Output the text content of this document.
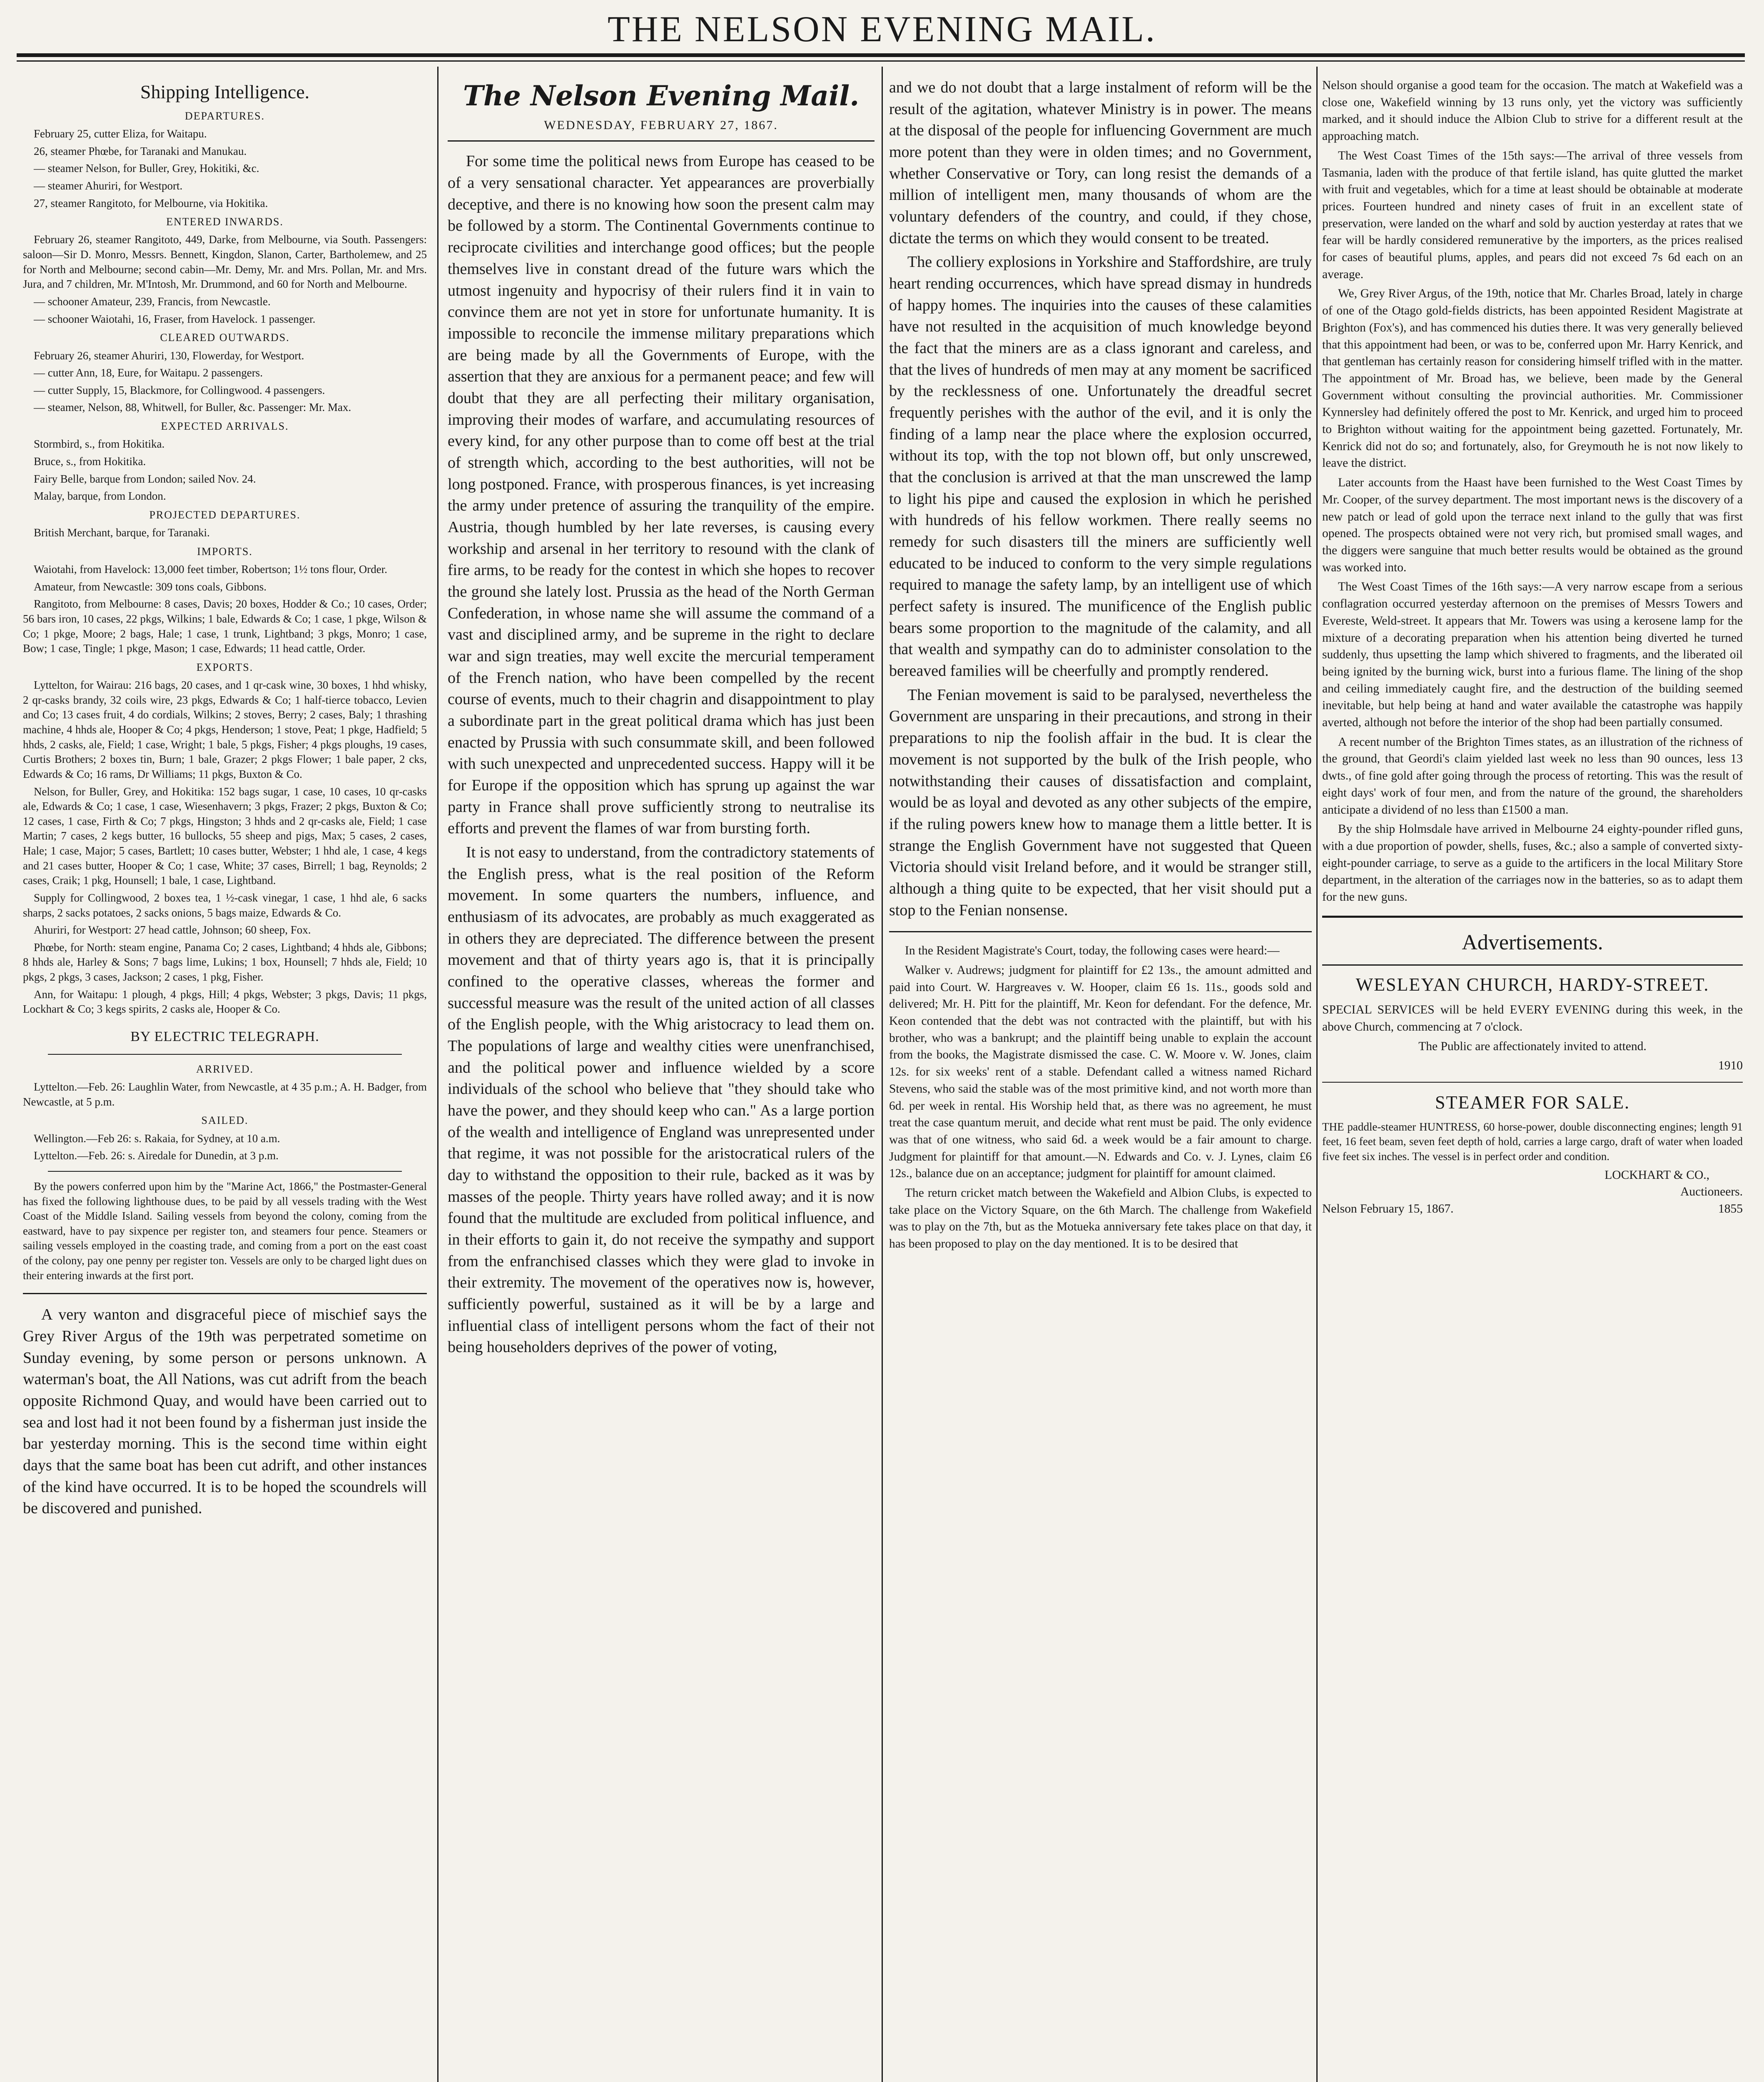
THE NELSON EVENING MAIL.
Shipping Intelligence.

DEPARTURES.

February 25, cutter Eliza, for Waitapu.

26, steamer Phœbe, for Taranaki and Manukau.

— steamer Nelson, for Buller, Grey, Hokitiki, &c.

— steamer Ahuriri, for Westport.

27, steamer Rangitoto, for Melbourne, via Hokitika.

ENTERED INWARDS.

February 26, steamer Rangitoto, 449, Darke, from Melbourne, via South. Passengers: saloon—Sir D. Monro, Messrs. Bennett, Kingdon, Slanon, Carter, Bartholemew, and 25 for North and Melbourne; second cabin—Mr. Demy, Mr. and Mrs. Pollan, Mr. and Mrs. Jura, and 7 children, Mr. M'Intosh, Mr. Drummond, and 60 for North and Melbourne.

— schooner Amateur, 239, Francis, from Newcastle.

— schooner Waiotahi, 16, Fraser, from Havelock. 1 passenger.

CLEARED OUTWARDS.

February 26, steamer Ahuriri, 130, Flowerday, for Westport.

— cutter Ann, 18, Eure, for Waitapu. 2 passengers.

— cutter Supply, 15, Blackmore, for Collingwood. 4 passengers.

— steamer, Nelson, 88, Whitwell, for Buller, &c. Passenger: Mr. Max.

EXPECTED ARRIVALS.

Stormbird, s., from Hokitika.

Bruce, s., from Hokitika.

Fairy Belle, barque from London; sailed Nov. 24.

Malay, barque, from London.

PROJECTED DEPARTURES.

British Merchant, barque, for Taranaki.

IMPORTS.

Waiotahi, from Havelock: 13,000 feet timber, Robertson; 1½ tons flour, Order.

Amateur, from Newcastle: 309 tons coals, Gibbons.

Rangitoto, from Melbourne: 8 cases, Davis; 20 boxes, Hodder & Co.; 10 cases, Order; 56 bars iron, 10 cases, 22 pkgs, Wilkins; 1 bale, Edwards & Co; 1 case, 1 pkge, Wilson & Co; 1 pkge, Moore; 2 bags, Hale; 1 case, 1 trunk, Lightband; 3 pkgs, Monro; 1 case, Bow; 1 case, Tingle; 1 pkge, Mason; 1 case, Edwards; 11 head cattle, Order.

EXPORTS.

Lyttelton, for Wairau: 216 bags, 20 cases, and 1 qr-cask wine, 30 boxes, 1 hhd whisky, 2 qr-casks brandy, 32 coils wire, 23 pkgs, Edwards & Co; 1 half-tierce tobacco, Levien and Co; 13 cases fruit, 4 do cordials, Wilkins; 2 stoves, Berry; 2 cases, Baly; 1 thrashing machine, 4 hhds ale, Hooper & Co; 4 pkgs, Henderson; 1 stove, Peat; 1 pkge, Hadfield; 5 hhds, 2 casks, ale, Field; 1 case, Wright; 1 bale, 5 pkgs, Fisher; 4 pkgs ploughs, 19 cases, Curtis Brothers; 2 boxes tin, Burn; 1 bale, Grazer; 2 pkgs Flower; 1 bale paper, 2 cks, Edwards & Co; 16 rams, Dr Williams; 11 pkgs, Buxton & Co.

Nelson, for Buller, Grey, and Hokitika: 152 bags sugar, 1 case, 10 cases, 10 qr-casks ale, Edwards & Co; 1 case, 1 case, Wiesenhavern; 3 pkgs, Frazer; 2 pkgs, Buxton & Co; 12 cases, 1 case, Firth & Co; 7 pkgs, Hingston; 3 hhds and 2 qr-casks ale, Field; 1 case Martin; 7 cases, 2 kegs butter, 16 bullocks, 55 sheep and pigs, Max; 5 cases, 2 cases, Hale; 1 case, Major; 5 cases, Bartlett; 10 cases butter, Webster; 1 hhd ale, 1 case, 4 kegs and 21 cases butter, Hooper & Co; 1 case, White; 37 cases, Birrell; 1 bag, Reynolds; 2 cases, Craik; 1 pkg, Hounsell; 1 bale, 1 case, Lightband.

Supply for Collingwood, 2 boxes tea, 1 ½-cask vinegar, 1 case, 1 hhd ale, 6 sacks sharps, 2 sacks potatoes, 2 sacks onions, 5 bags maize, Edwards & Co.

Ahuriri, for Westport: 27 head cattle, Johnson; 60 sheep, Fox.

Phœbe, for North: steam engine, Panama Co; 2 cases, Lightband; 4 hhds ale, Gibbons; 8 hhds ale, Harley & Sons; 7 bags lime, Lukins; 1 box, Hounsell; 7 hhds ale, Field; 10 pkgs, 2 pkgs, 3 cases, Jackson; 2 cases, 1 pkg, Fisher.

Ann, for Waitapu: 1 plough, 4 pkgs, Hill; 4 pkgs, Webster; 3 pkgs, Davis; 11 pkgs, Lockhart & Co; 3 kegs spirits, 2 casks ale, Hooper & Co.

BY ELECTRIC TELEGRAPH.

ARRIVED.

Lyttelton.—Feb. 26: Laughlin Water, from Newcastle, at 4 35 p.m.; A. H. Badger, from Newcastle, at 5 p.m.

SAILED.

Wellington.—Feb 26: s. Rakaia, for Sydney, at 10 a.m.

Lyttelton.—Feb. 26: s. Airedale for Dunedin, at 3 p.m.

By the powers conferred upon him by the "Marine Act, 1866," the Postmaster-General has fixed the following lighthouse dues, to be paid by all vessels trading with the West Coast of the Middle Island. Sailing vessels from beyond the colony, coming from the eastward, have to pay sixpence per register ton, and steamers four pence. Steamers or sailing vessels employed in the coasting trade, and coming from a port on the east coast of the colony, pay one penny per register ton. Vessels are only to be charged light dues on their entering inwards at the first port.

A very wanton and disgraceful piece of mischief says the Grey River Argus of the 19th was perpetrated sometime on Sunday evening, by some person or persons unknown. A waterman's boat, the All Nations, was cut adrift from the beach opposite Richmond Quay, and would have been carried out to sea and lost had it not been found by a fisherman just inside the bar yesterday morning. This is the second time within eight days that the same boat has been cut adrift, and other instances of the kind have occurred. It is to be hoped the scoundrels will be discovered and punished.

The Nelson Evening Mail.
WEDNESDAY, FEBRUARY 27, 1867.

For some time the political news from Europe has ceased to be of a very sensational character. Yet appearances are proverbially deceptive, and there is no knowing how soon the present calm may be followed by a storm. The Continental Governments continue to reciprocate civilities and interchange good offices; but the people themselves live in constant dread of the future wars which the utmost ingenuity and hypocrisy of their rulers find it in vain to convince them are not yet in store for unfortunate humanity. It is impossible to reconcile the immense military preparations which are being made by all the Governments of Europe, with the assertion that they are anxious for a permanent peace; and few will doubt that they are all perfecting their military organisation, improving their modes of warfare, and accumulating resources of every kind, for any other purpose than to come off best at the trial of strength which, according to the best authorities, will not be long postponed. France, with prosperous finances, is yet increasing the army under pretence of assuring the tranquility of the empire. Austria, though humbled by her late reverses, is causing every workship and arsenal in her territory to resound with the clank of fire arms, to be ready for the contest in which she hopes to recover the ground she lately lost. Prussia as the head of the North German Confederation, in whose name she will assume the command of a vast and disciplined army, and be supreme in the right to declare war and sign treaties, may well excite the mercurial temperament of the French nation, who have been compelled by the recent course of events, much to their chagrin and disappointment to play a subordinate part in the great political drama which has just been enacted by Prussia with such consummate skill, and been followed with such unexpected and unprecedented success. Happy will it be for Europe if the opposition which has sprung up against the war party in France shall prove sufficiently strong to neutralise its efforts and prevent the flames of war from bursting forth.

It is not easy to understand, from the contradictory statements of the English press, what is the real position of the Reform movement. In some quarters the numbers, influence, and enthusiasm of its advocates, are probably as much exaggerated as in others they are depreciated. The difference between the present movement and that of thirty years ago is, that it is principally confined to the operative classes, whereas the former and successful measure was the result of the united action of all classes of the English people, with the Whig aristocracy to lead them on. The populations of large and wealthy cities were unenfranchised, and the political power and influence wielded by a score individuals of the school who believe that "they should take who have the power, and they should keep who can." As a large portion of the wealth and intelligence of England was unrepresented under that regime, it was not possible for the aristocratical rulers of the day to withstand the opposition to their rule, backed as it was by masses of the people. Thirty years have rolled away; and it is now found that the multitude are excluded from political influence, and in their efforts to gain it, do not receive the sympathy and support from the enfranchised classes which they were glad to invoke in their extremity. The movement of the operatives now is, however, sufficiently powerful, sustained as it will be by a large and influential class of intelligent persons whom the fact of their not being householders deprives of the power of voting,

and we do not doubt that a large instalment of reform will be the result of the agitation, whatever Ministry is in power. The means at the disposal of the people for influencing Government are much more potent than they were in olden times; and no Government, whether Conservative or Tory, can long resist the demands of a million of intelligent men, many thousands of whom are the voluntary defenders of the country, and could, if they chose, dictate the terms on which they would consent to be treated.

The colliery explosions in Yorkshire and Staffordshire, are truly heart rending occurrences, which have spread dismay in hundreds of happy homes. The inquiries into the causes of these calamities have not resulted in the acquisition of much knowledge beyond the fact that the miners are as a class ignorant and careless, and that the lives of hundreds of men may at any moment be sacrificed by the recklessness of one. Unfortunately the dreadful secret frequently perishes with the author of the evil, and it is only the finding of a lamp near the place where the explosion occurred, without its top, with the top not blown off, but only unscrewed, that the conclusion is arrived at that the man unscrewed the lamp to light his pipe and caused the explosion in which he perished with hundreds of his fellow workmen. There really seems no remedy for such disasters till the miners are sufficiently well educated to be induced to conform to the very simple regulations required to manage the safety lamp, by an intelligent use of which perfect safety is insured. The munificence of the English public bears some proportion to the magnitude of the calamity, and all that wealth and sympathy can do to administer consolation to the bereaved families will be cheerfully and promptly rendered.

The Fenian movement is said to be paralysed, nevertheless the Government are unsparing in their precautions, and strong in their preparations to nip the foolish affair in the bud. It is clear the movement is not supported by the bulk of the Irish people, who notwithstanding their causes of dissatisfaction and complaint, would be as loyal and devoted as any other subjects of the empire, if the ruling powers knew how to manage them a little better. It is strange the English Government have not suggested that Queen Victoria should visit Ireland before, and it would be stranger still, although a thing quite to be expected, that her visit should put a stop to the Fenian nonsense.

In the Resident Magistrate's Court, today, the following cases were heard:—

Walker v. Audrews; judgment for plaintiff for £2 13s., the amount admitted and paid into Court. W. Hargreaves v. W. Hooper, claim £6 1s. 11s., goods sold and delivered; Mr. H. Pitt for the plaintiff, Mr. Keon for defendant. For the defence, Mr. Keon contended that the debt was not contracted with the plaintiff, but with his brother, who was a bankrupt; and the plaintiff being unable to explain the account from the books, the Magistrate dismissed the case. C. W. Moore v. W. Jones, claim 12s. for six weeks' rent of a stable. Defendant called a witness named Richard Stevens, who said the stable was of the most primitive kind, and not worth more than 6d. per week in rental. His Worship held that, as there was no agreement, he must treat the case quantum meruit, and decide what rent must be paid. The only evidence was that of one witness, who said 6d. a week would be a fair amount to charge. Judgment for plaintiff for that amount.—N. Edwards and Co. v. J. Lynes, claim £6 12s., balance due on an acceptance; judgment for plaintiff for amount claimed.

The return cricket match between the Wakefield and Albion Clubs, is expected to take place on the Victory Square, on the 6th March. The challenge from Wakefield was to play on the 7th, but as the Motueka anniversary fete takes place on that day, it has been proposed to play on the day mentioned. It is to be desired that

Nelson should organise a good team for the occasion. The match at Wakefield was a close one, Wakefield winning by 13 runs only, yet the victory was sufficiently marked, and it should induce the Albion Club to strive for a different result at the approaching match.

The West Coast Times of the 15th says:—The arrival of three vessels from Tasmania, laden with the produce of that fertile island, has quite glutted the market with fruit and vegetables, which for a time at least should be obtainable at moderate prices. Fourteen hundred and ninety cases of fruit in an excellent state of preservation, were landed on the wharf and sold by auction yesterday at rates that we fear will be hardly considered remunerative by the importers, as the prices realised for cases of beautiful plums, apples, and pears did not exceed 7s 6d each on an average.

We, Grey River Argus, of the 19th, notice that Mr. Charles Broad, lately in charge of one of the Otago gold-fields districts, has been appointed Resident Magistrate at Brighton (Fox's), and has commenced his duties there. It was very generally believed that this appointment had been, or was to be, conferred upon Mr. Harry Kenrick, and that gentleman has certainly reason for considering himself trifled with in the matter. The appointment of Mr. Broad has, we believe, been made by the General Government without consulting the provincial authorities. Mr. Commissioner Kynnersley had definitely offered the post to Mr. Kenrick, and urged him to proceed to Brighton without waiting for the appointment being gazetted. Fortunately, Mr. Kenrick did not do so; and fortunately, also, for Greymouth he is not now likely to leave the district.

Later accounts from the Haast have been furnished to the West Coast Times by Mr. Cooper, of the survey department. The most important news is the discovery of a new patch or lead of gold upon the terrace next inland to the gully that was first opened. The prospects obtained were not very rich, but promised small wages, and the diggers were sanguine that much better results would be obtained as the ground was worked into.

The West Coast Times of the 16th says:—A very narrow escape from a serious conflagration occurred yesterday afternoon on the premises of Messrs Towers and Evereste, Weld-street. It appears that Mr. Towers was using a kerosene lamp for the mixture of a decorating preparation when his attention being diverted he turned suddenly, thus upsetting the lamp which shivered to fragments, and the liberated oil being ignited by the burning wick, burst into a furious flame. The lining of the shop and ceiling immediately caught fire, and the destruction of the building seemed inevitable, but help being at hand and water available the catastrophe was happily averted, although not before the interior of the shop had been partially consumed.

A recent number of the Brighton Times states, as an illustration of the richness of the ground, that Geordi's claim yielded last week no less than 90 ounces, less 13 dwts., of fine gold after going through the process of retorting. This was the result of eight days' work of four men, and from the nature of the ground, the shareholders anticipate a dividend of no less than £1500 a man.

By the ship Holmsdale have arrived in Melbourne 24 eighty-pounder rifled guns, with a due proportion of powder, shells, fuses, &c.; also a sample of converted sixty-eight-pounder carriage, to serve as a guide to the artificers in the local Military Store department, in the alteration of the carriages now in the batteries, so as to adapt them for the new guns.

Advertisements.
WESLEYAN CHURCH, HARDY-STREET.

SPECIAL SERVICES will be held EVERY EVENING during this week, in the above Church, commencing at 7 o'clock.

The Public are affectionately invited to attend.

1910

STEAMER FOR SALE.

THE paddle-steamer HUNTRESS, 60 horse-power, double disconnecting engines; length 91 feet, 16 feet beam, seven feet depth of hold, carries a large cargo, draft of water when loaded five feet six inches. The vessel is in perfect order and condition.

LOCKHART & CO.,

Auctioneers.

Nelson February 15, 1867.	1855
